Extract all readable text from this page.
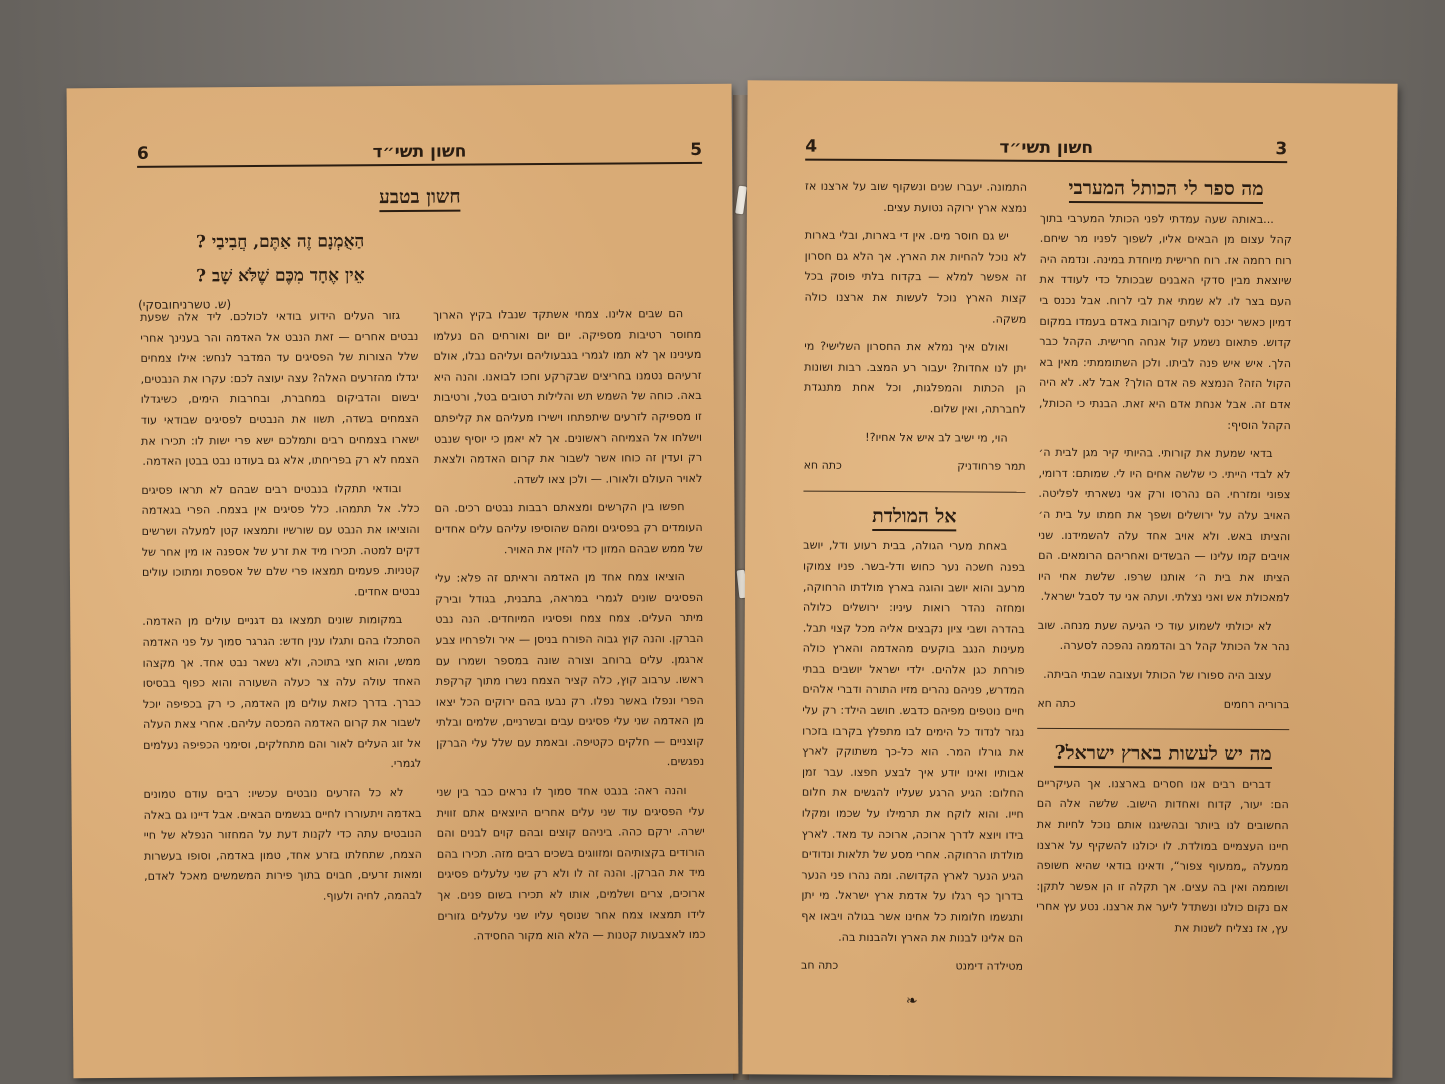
6	חשון תשי״ד	5
חשון בטבע
הַאֻמְנָם זֶה אַתֶּם, חֲבִיבַי ?
אֵין אֶחָד מִכֶּם שֶׁלֹּא שָׁב ?
(ש. טשרניחובסקי)

גזור העלים הידוע בודאי לכולכם. ליד אלה שפעת נבטים אחרים — זאת הנבט אל האדמה והר בענינך אחרי שלל הצורות של הפסיגים עד המדבר לנחש: אילו צמחים יגדלו מהזרעים האלה? עצה יעוצה לכם: עקרו את הנבטים, יבשום והדביקום במחברת, ובחרבות הימים, כשיגדלו הצמחים בשדה, תשוו את הנבטים לפסיגים שבודאי עוד ישארו בצמחים רבים ותמלכם ישא פרי ישות לו: תכירו את הצמח לא רק בפריחתו, אלא גם בעודנו נבט בבטן האדמה.

ובודאי תתקלו בנבטים רבים שבהם לא תראו פסיגים כלל. אל תתמהו. כלל פסיגים אין בצמח. הפרי בגאדמה והוציאו את הנבט עם שורשיו ותמצאו קטן למעלה ושרשים דקים למטה. תכירו מיד את זרע של אספנה או מין אחר של קטניות. פעמים תמצאו פרי שלם של אספסת ומתוכו עולים נבטים אחדים.

במקומות שונים תמצאו גם דגניים עולים מן האדמה. הסתכלו בהם ותגלו ענין חדש: הגרגר סמוך על פני האדמה ממש, והוא חצי בתוכה, ולא נשאר נבט אחד. אך מקצהו האחד עולה עלה צר כעלה השעורה והוא כפוף בבסיסו כברך. בדרך כזאת עולים מן האדמה, כי רק בכפיפה יוכל לשבור את קרום האדמה המכסה עליהם. אחרי צאת העלה אל זוג העלים לאור והם מתחלקים, וסימני הכפיפה נעלמים לגמרי.

לא כל הזרעים נובטים עכשיו: רבים עודם טמונים באדמה ויתעוררו לחיים בגשמים הבאים. אבל דיינו גם באלה הנובטים עתה כדי לקנות דעת על המחזור הנפלא של חיי הצמח, שתחלתו בזרע אחד, טמון באדמה, וסופו בעשרות ומאות זרעים, חבוים בתוך פירות המשמשים מאכל לאדם, לבהמה, לחיה ולעוף.

הם שבים אלינו. צמחי אשתקד שנבלו בקיץ הארוך מחוסר רטיבות מספיקה. יום יום ואורחים הם נעלמו מעינינו אך לא תמו לגמרי בגבעוליהם ועליהם נבלו, אולם זרעיהם נטמנו בחריצים שבקרקע וחכו לבואנו. והנה היא באה. כוחה של השמש תש והלילות רטובים בטל, ורטיבות זו מספיקה לזרעים שיתפתחו וישירו מעליהם את קליפתם וישלחו אל הצמיחה ראשונים. אך לא יאמן כי יוסיף שנבט רק ועדין זה כוחו אשר לשבור את קרום האדמה ולצאת לאויר העולם ולאורו. — ולכן צאו לשדה.

חפשו בין הקרשים ומצאתם רבבות נבטים רכים. הם העומדים רק בפסיגים ומהם שהוסיפו עליהם עלים אחדים של ממש שבהם המזון כדי להזין את האויר.

הוציאו צמח אחד מן האדמה וראיתם זה פלא: עלי הפסיגים שונים לגמרי במראה, בתבנית, בגודל ובירק מיתר העלים. צמח צמח ופסיגיו המיוחדים. הנה נבט הברקן. והנה קוץ גבוה הפורח בניסן — איר ולפרחיו צבע ארגמן. עלים ברוחב וצורה שונה במספר ושמרו עם ראשו. ערבוב קוץ, כלה קציר הצמח נשרו מתוך קרקפת הפרי ונפלו באשר נפלו. רק נבעו בהם ירוקים הכל יצאו מן האדמה שני עלי פסיגים עבים ובשרניים, שלמים ובלתי קוצניים — חלקים כקטיפה. ובאמת עם שלל עלי הברקן נפגשים.

והנה ראה: בנבט אחד סמוך לו נראים כבר בין שני עלי הפסיגים עוד שני עלים אחרים היוצאים אתם זווית ישרה. ירקם כהה. ביניהם קוצים ובהם קוים לבנים והם הורודים בקצותיהם ומזווגים בשכים רבים מזה. תכירו בהם מיד את הברקן. והנה זה לו ולא רק שני עלעלים פסיגים ארוכים, צרים ושלמים, אותו לא תכירו בשום פנים. אך לידו תמצאו צמח אחר שנוסף עליו שני עלעלים גזורים כמו לאצבעות קטנות — הלא הוא מקור החסידה.

4	חשון תשי״ד	3
מה ספר לי הכותל המערבי

...באותה שעה עמדתי לפני הכותל המערבי בתוך קהל עצום מן הבאים אליו, לשפוך לפניו מר שיחם. רוח רחמה אז. רוח חרישית מיוחדת במינה. ונדמה היה שיוצאת מבין סדקי האבנים שבכותל כדי לעודד את העם בצר לו. לא שמתי את לבי לרוח. אבל נכנס בי דמיון כאשר יכנס לעתים קרובות באדם בעמדו במקום קדוש. פתאום נשמע קול אנחה חרישית. הקהל כבר הלך. איש איש פנה לביתו. ולכן השתוממתי: מאין בא הקול הזה? הנמצא פה אדם הולך? אבל לא. לא היה אדם זה. אבל אנחת אדם היא זאת. הבנתי כי הכותל, הקהל הוסיף:

בדאי שמעת את קורותי. בהיותי קיר מגן לבית ה׳ לא לבדי הייתי. כי שלשה אחים היו לי. שמותם: דרומי, צפוני ומזרחי. הם נהרסו ורק אני נשארתי לפליטה. האויב עלה על ירושלים ושפך את חמתו על בית ה׳ והציתו באש. ולא אויב אחד עלה להשמידנו. שני אויבים קמו עלינו — הבשדים ואחריהם הרומאים. הם הציתו את בית ה׳ אותנו שרפו. שלשת אחי היו למאכולת אש ואני נצלתי. ועתה אני עד לסבל ישראל.

לא יכולתי לשמוע עוד כי הגיעה שעת מנחה. שוב נהר אל הכותל קהל רב והדממה נהפכה לסערה.

עצוב היה ספורו של הכותל ועצובה שבתי הביתה.

ברוריה רחמים
כתה חא
מה יש לעשות בארץ ישראל?

דברים רבים אנו חסרים בארצנו. אך העיקריים הם: יעור, קדוח ואחדות הישוב. שלשה אלה הם החשובים לנו ביותר ובהשיגנו אותם נוכל לחיות את חיינו העצמיים במולדת. לו יכולנו להשקיף על ארצנו ממעלה „ממעוף צפור“, ודאינו בודאי שהיא חשופה ושוממה ואין בה עצים. אך תקלה זו הן אפשר לתקן: אם נקום כולנו ונשתדל ליער את ארצנו. נטע עץ אחרי עץ, אז נצליח לשנות את

התמונה. יעברו שנים ונשקוף שוב על ארצנו אז נמצא ארץ ירוקה נטועת עצים.

יש גם חוסר מים. אין די בארות, ובלי בארות לא נוכל להחיות את הארץ. אך הלא גם חסרון זה אפשר למלא — בקדוח בלתי פוסק בכל קצות הארץ נוכל לעשות את ארצנו כולה משקה.

ואולם איך נמלא את החסרון השלישי? מי יתן לנו אחדות? יעבור רע המצב. רבות ושונות הן הכתות והמפלגות, וכל אחת מתנגדת לחברתה, ואין שלום.

הוי, מי ישיב לב איש אל אחיו?!

תמר פרחודניק
כתה חא
אל המולדת

באחת מערי הגולה, בבית רעוע ודל, יושב בפנה חשכה נער כחוש ודל-בשר. פניו צמוקו מרעב והוא יושב והוגה בארץ מולדתו הרחוקה, ומחזה נהדר רואות עיניו: ירושלים כלולה בהדרה ושבי ציון נקבצים אליה מכל קצוי תבל. מעינות הנגב בוקעים מהאדמה והארץ כולה פורחת כגן אלהים. ילדי ישראל יושבים בבתי המדרש, פניהם נהרים מזיו התורה ודברי אלהים חיים נוטפים מפיהם כדבש. חושב הילד: רק עלי נגזר לנדוד כל הימים לבו מתפלץ בקרבו בזכרו את גורלו המר. הוא כל-כך משתוקק לארץ אבותיו ואינו יודע איך לבצע חפצו. עבר זמן החלום: הגיע הרגע שעליו להגשים את חלום חייו. והוא לוקח את תרמילו על שכמו ומקלו בידו ויוצא לדרך ארוכה, ארוכה עד מאד. לארץ מולדתו הרחוקה. אחרי מסע של תלאות ונדודים הגיע הנער לארץ הקדושה. ומה נהרו פני הנער בדרוך כף רגלו על אדמת ארץ ישראל. מי יתן ותגשמו חלומות כל אחינו אשר בגולה ויבאו אף הם אלינו לבנות את הארץ ולהבנות בה.

מטילדה דימנט
כתה חב
❧
